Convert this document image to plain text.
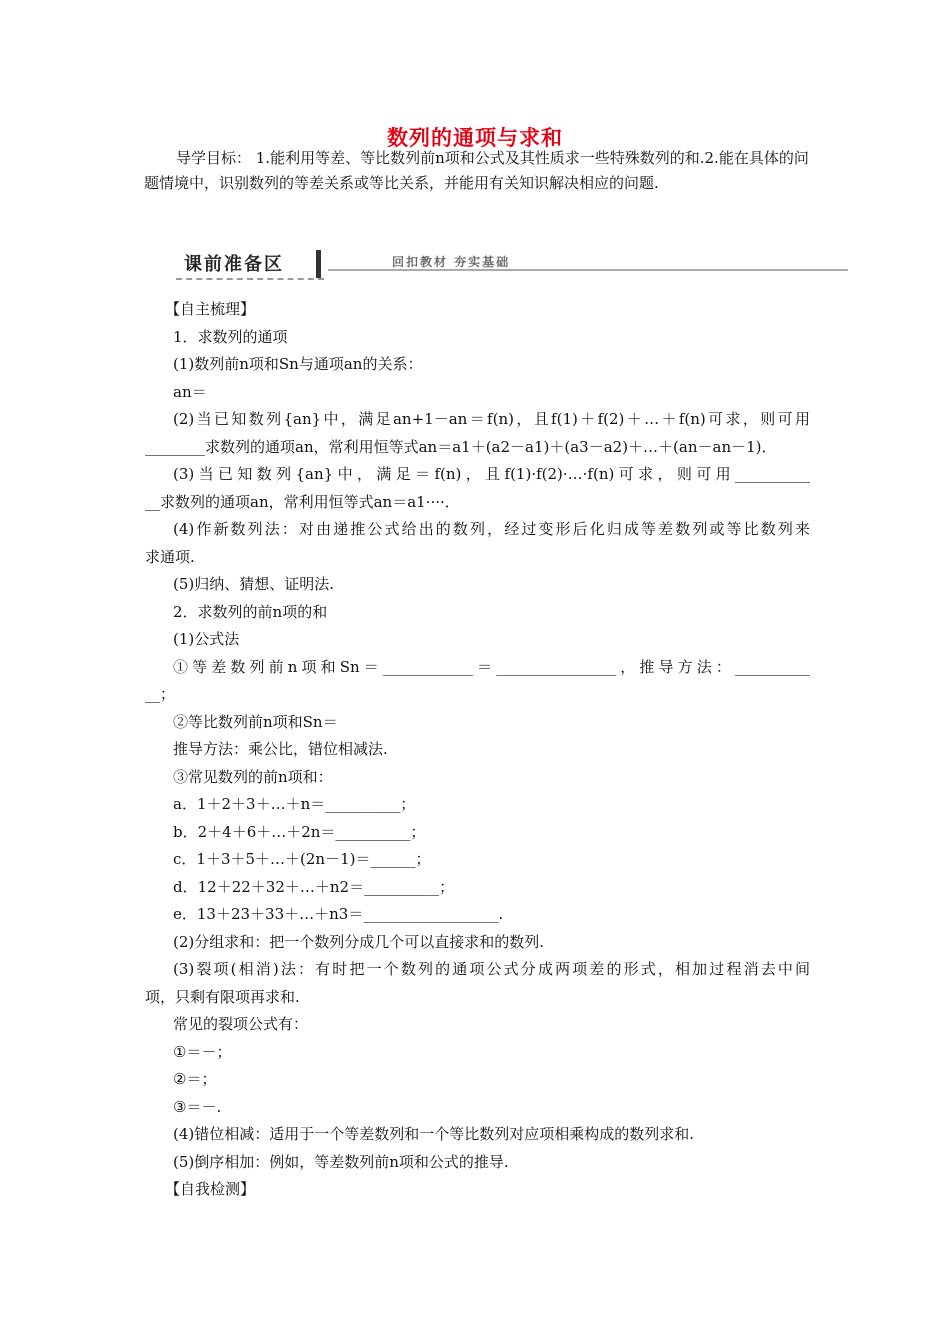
数列的通项与求和
导学目标： 1.能利用等差、等比数列前n项和公式及其性质求一些特殊数列的和.2.能在具体的问题情境中，识别数列的等差关系或等比关系，并能用有关知识解决相应的问题.
课前准备区	回扣教材 夯实基础
【自主梳理】
1．求数列的通项
(1)数列前n项和Sn与通项an的关系：
an＝
(2)当已知数列{an}中，满足an+1－an＝f(n)，且f(1)＋f(2)＋…＋f(n)可求，则可用
________求数列的通项an，常利用恒等式an＝a1＋(a2－a1)＋(a3－a2)＋…＋(an－an－1)．
(3)当已知数列{an}中，满足＝f(n)，且f(1)·f(2)·…·f(n)可求，则可用__________
__求数列的通项an，常利用恒等式an＝a1····．
(4)作新数列法：对由递推公式给出的数列，经过变形后化归成等差数列或等比数列来
求通项.
(5)归纳、猜想、证明法.
2．求数列的前n项的和
(1)公式法
①等差数列前n项和Sn＝____________＝________________，推导方法：__________
__；
②等比数列前n项和Sn＝
推导方法：乘公比，错位相减法.
③常见数列的前n项和：
a．1＋2＋3＋…＋n＝__________；
b．2＋4＋6＋…＋2n＝__________；
c．1＋3＋5＋…＋(2n－1)＝______；
d．12＋22＋32＋…＋n2＝__________；
e．13＋23＋33＋…＋n3＝__________________.
(2)分组求和：把一个数列分成几个可以直接求和的数列.
(3)裂项(相消)法：有时把一个数列的通项公式分成两项差的形式，相加过程消去中间
项，只剩有限项再求和.
常见的裂项公式有：
①＝－；
②＝；
③＝－.
(4)错位相减：适用于一个等差数列和一个等比数列对应项相乘构成的数列求和.
(5)倒序相加：例如，等差数列前n项和公式的推导.
【自我检测】
